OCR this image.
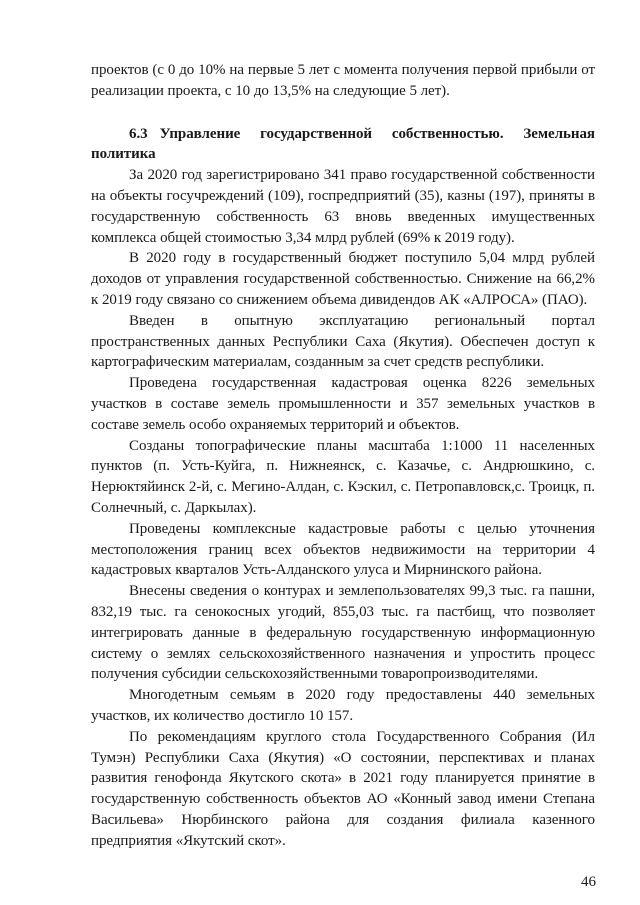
проектов (с 0 до 10% на первые 5 лет с момента получения первой прибыли от реализации проекта, с 10 до 13,5% на следующие 5 лет).

6.3 Управление государственной собственностью. Земельная политика

За 2020 год зарегистрировано 341 право государственной собственности на объекты госучреждений (109), госпредприятий (35), казны (197), приняты в государственную собственность 63 вновь введенных имущественных комплекса общей стоимостью 3,34 млрд рублей (69% к 2019 году).

В 2020 году в государственный бюджет поступило 5,04 млрд рублей доходов от управления государственной собственностью. Снижение на 66,2% к 2019 году связано со снижением объема дивидендов АК «АЛРОСА» (ПАО).

Введен в опытную эксплуатацию региональный портал пространственных данных Республики Саха (Якутия). Обеспечен доступ к картографическим материалам, созданным за счет средств республики.

Проведена государственная кадастровая оценка 8226 земельных участков в составе земель промышленности и 357 земельных участков в составе земель особо охраняемых территорий и объектов.

Созданы топографические планы масштаба 1:1000 11 населенных пунктов (п. Усть-Куйга, п. Нижнеянск, с. Казачье, с. Андрюшкино, с. Нерюктяйинск 2-й, с. Мегино-Алдан, с. Кэскил, с. Петропавловск,с. Троицк, п. Солнечный, с. Даркылах).

Проведены комплексные кадастровые работы с целью уточнения местоположения границ всех объектов недвижимости на территории 4 кадастровых кварталов Усть-Алданского улуса и Мирнинского района.

Внесены сведения о контурах и землепользователях 99,3 тыс. га пашни, 832,19 тыс. га сенокосных угодий, 855,03 тыс. га пастбищ, что позволяет интегрировать данные в федеральную государственную информационную систему о землях сельскохозяйственного назначения и упростить процесс получения субсидии сельскохозяйственными товаропроизводителями.

Многодетным семьям в 2020 году предоставлены 440 земельных участков, их количество достигло 10 157.

По рекомендациям круглого стола Государственного Собрания (Ил Тумэн) Республики Саха (Якутия) «О состоянии, перспективах и планах развития генофонда Якутского скота» в 2021 году планируется принятие в государственную собственность объектов АО «Конный завод имени Степана Васильева» Нюрбинского района для создания филиала казенного предприятия «Якутский скот».

46
